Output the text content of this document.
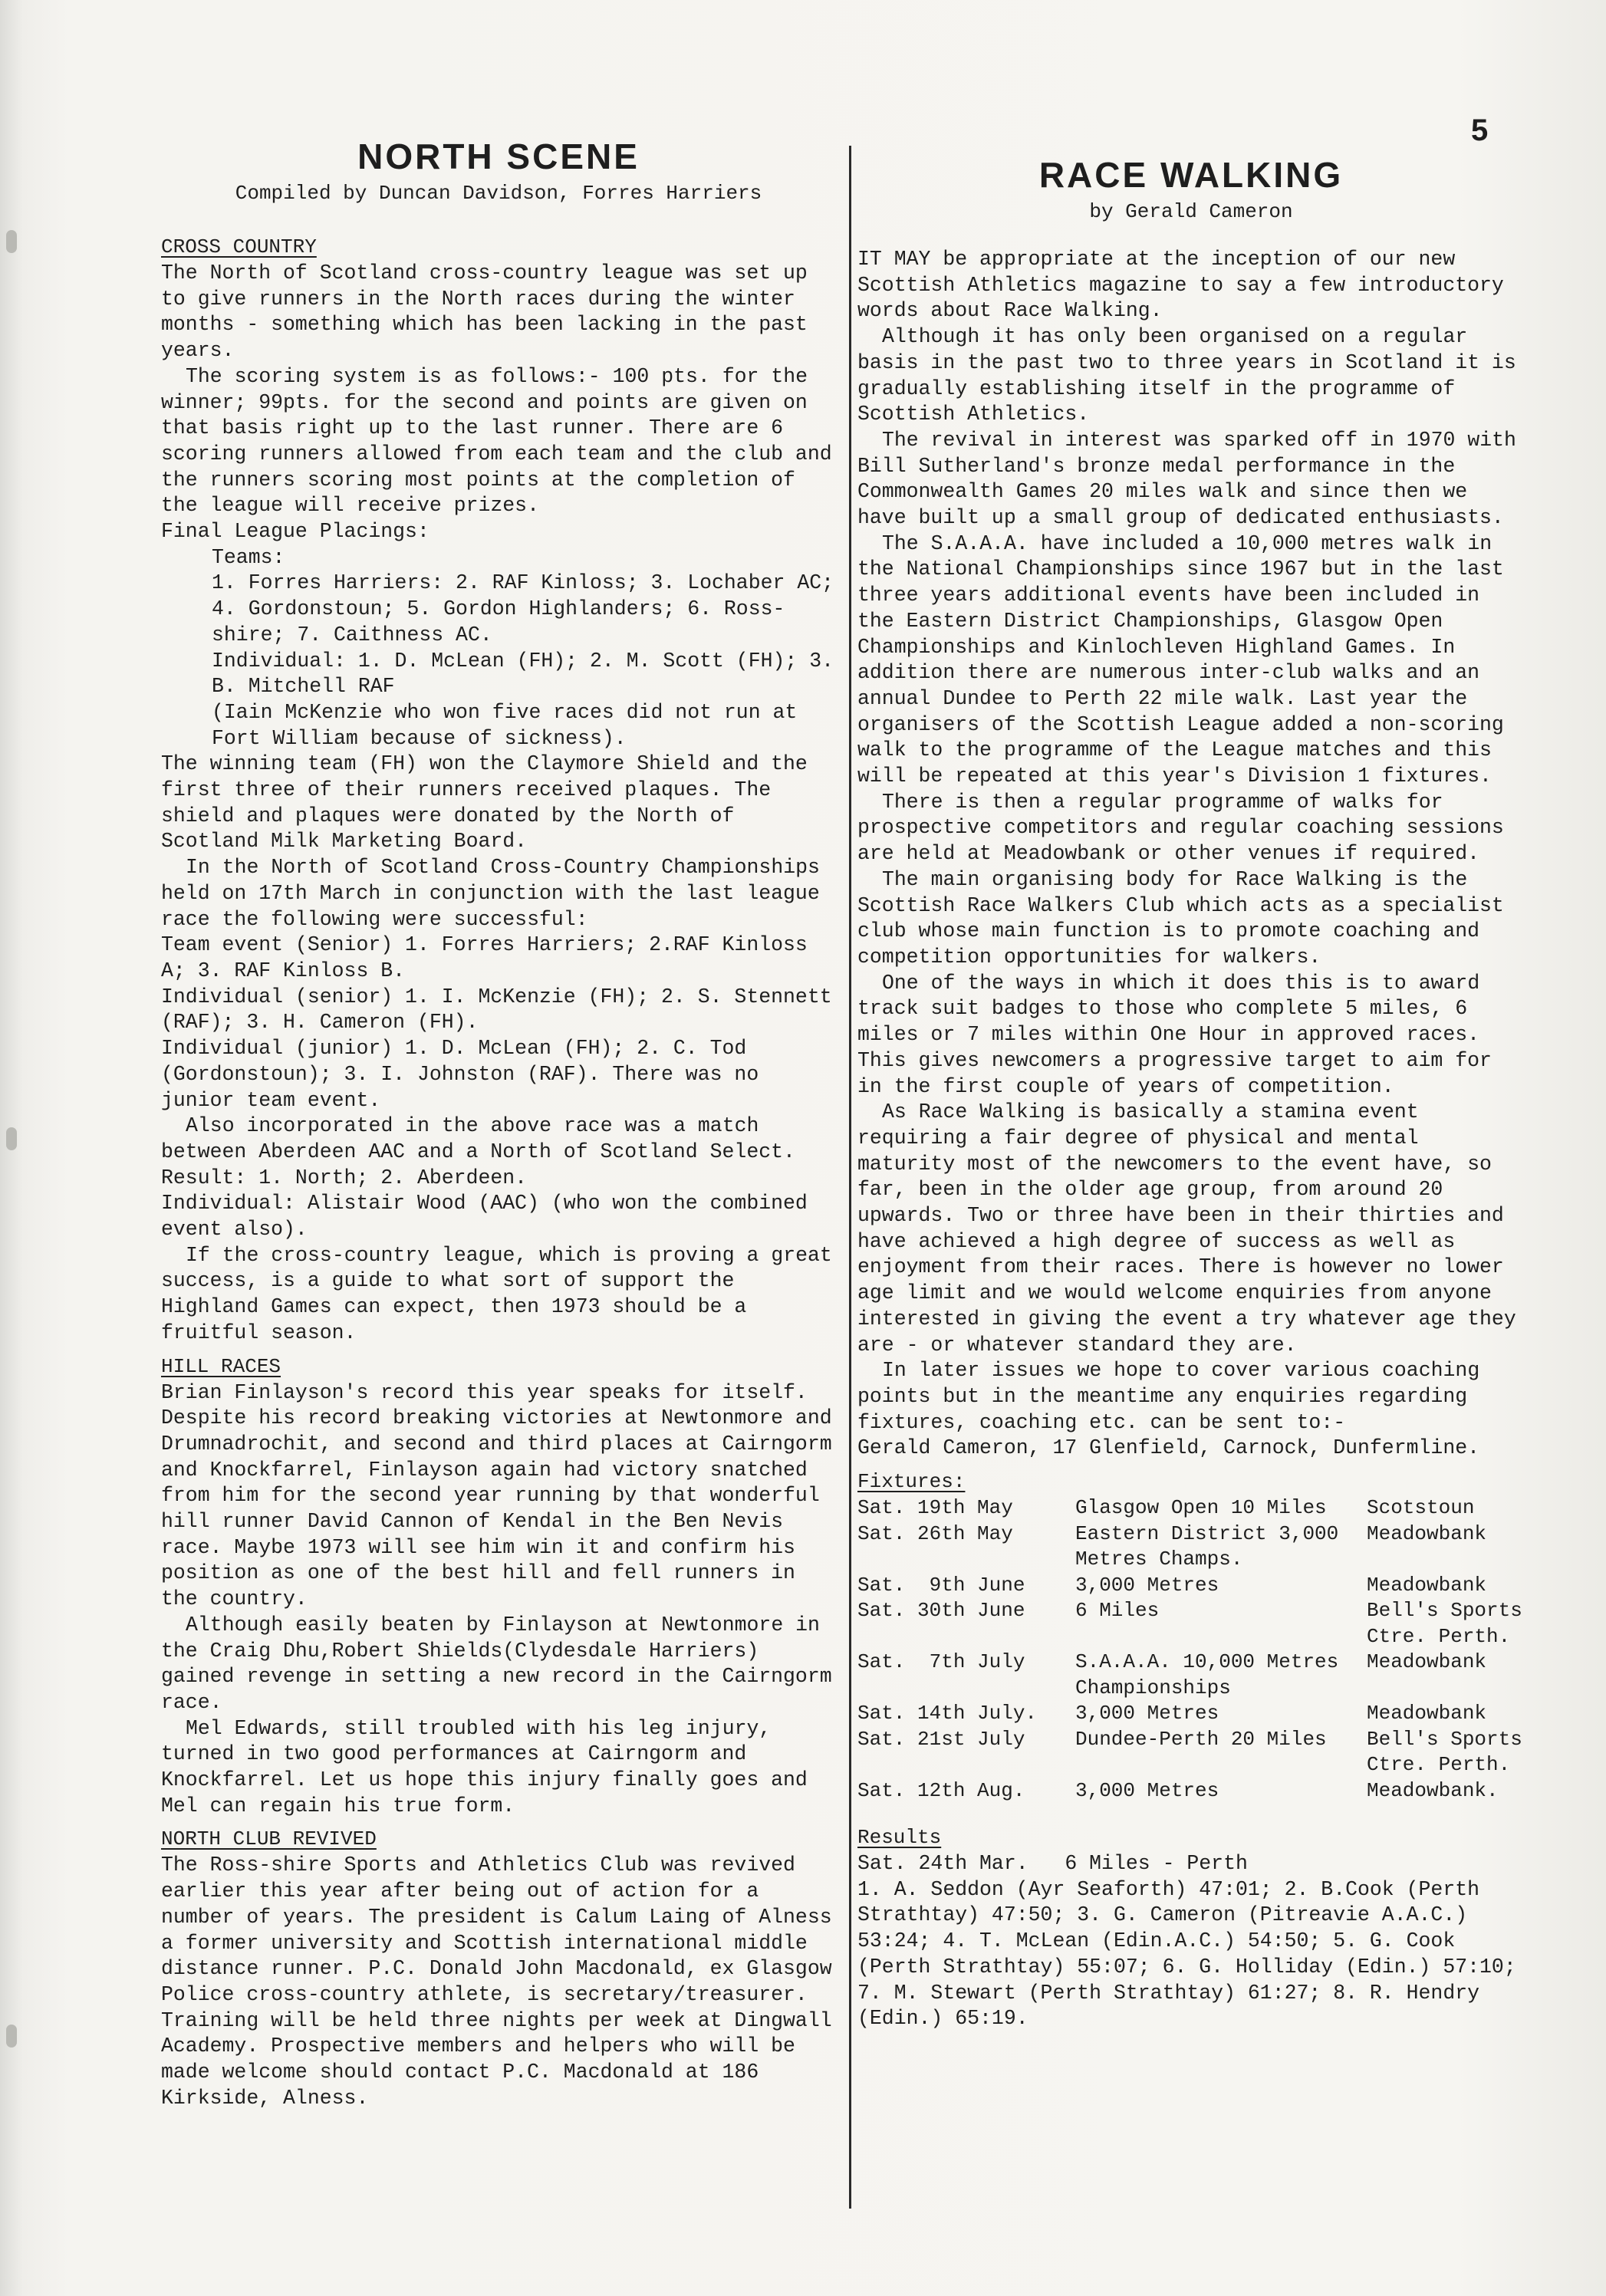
5
NORTH SCENE
Compiled by Duncan Davidson, Forres Harriers
CROSS COUNTRY

The North of Scotland cross-country league was set up to give runners in the North races during the winter months - something which has been lacking in the past years.

The scoring system is as follows:- 100 pts. for the winner; 99pts. for the second and points are given on that basis right up to the last runner. There are 6 scoring runners allowed from each team and the club and the runners scoring most points at the completion of the league will receive prizes.

Final League Placings:

Teams:

1. Forres Harriers: 2. RAF Kinloss; 3. Lochaber AC; 4. Gordonstoun; 5. Gordon Highlanders; 6. Ross-shire; 7. Caithness AC.

Individual: 1. D. McLean (FH); 2. M. Scott (FH); 3. B. Mitchell RAF

(Iain McKenzie who won five races did not run at Fort William because of sickness).

The winning team (FH) won the Claymore Shield and the first three of their runners received plaques. The shield and plaques were donated by the North of Scotland Milk Marketing Board.

In the North of Scotland Cross-Country Championships held on 17th March in conjunction with the last league race the following were successful:

Team event (Senior) 1. Forres Harriers; 2.RAF Kinloss A; 3. RAF Kinloss B.

Individual (senior) 1. I. McKenzie (FH); 2. S. Stennett (RAF); 3. H. Cameron (FH).

Individual (junior) 1. D. McLean (FH); 2. C. Tod (Gordonstoun); 3. I. Johnston (RAF). There was no junior team event.

Also incorporated in the above race was a match between Aberdeen AAC and a North of Scotland Select.

Result: 1. North; 2. Aberdeen.

Individual: Alistair Wood (AAC) (who won the combined event also).

If the cross-country league, which is proving a great success, is a guide to what sort of support the Highland Games can expect, then 1973 should be a fruitful season.

HILL RACES

Brian Finlayson's record this year speaks for itself. Despite his record breaking victories at Newtonmore and Drumnadrochit, and second and third places at Cairngorm and Knockfarrel, Finlayson again had victory snatched from him for the second year running by that wonderful hill runner David Cannon of Kendal in the Ben Nevis race. Maybe 1973 will see him win it and confirm his position as one of the best hill and fell runners in the country.

Although easily beaten by Finlayson at Newtonmore in the Craig Dhu,Robert Shields(Clydesdale Harriers) gained revenge in setting a new record in the Cairngorm race.

Mel Edwards, still troubled with his leg injury, turned in two good performances at Cairngorm and Knockfarrel. Let us hope this injury finally goes and Mel can regain his true form.

NORTH CLUB REVIVED

The Ross-shire Sports and Athletics Club was revived earlier this year after being out of action for a number of years. The president is Calum Laing of Alness a former university and Scottish international middle distance runner. P.C. Donald John Macdonald, ex Glasgow Police cross-country athlete, is secretary/treasurer. Training will be held three nights per week at Dingwall Academy. Prospective members and helpers who will be made welcome should contact P.C. Macdonald at 186 Kirkside, Alness.

RACE WALKING
by Gerald Cameron

IT MAY be appropriate at the inception of our new Scottish Athletics magazine to say a few introductory words about Race Walking.

Although it has only been organised on a regular basis in the past two to three years in Scotland it is gradually establishing itself in the programme of Scottish Athletics.

The revival in interest was sparked off in 1970 with Bill Sutherland's bronze medal performance in the Commonwealth Games 20 miles walk and since then we have built up a small group of dedicated enthusiasts.

The S.A.A.A. have included a 10,000 metres walk in the National Championships since 1967 but in the last three years additional events have been included in the Eastern District Championships, Glasgow Open Championships and Kinlochleven Highland Games. In addition there are numerous inter-club walks and an annual Dundee to Perth 22 mile walk. Last year the organisers of the Scottish League added a non-scoring walk to the programme of the League matches and this will be repeated at this year's Division 1 fixtures.

There is then a regular programme of walks for prospective competitors and regular coaching sessions are held at Meadowbank or other venues if required.

The main organising body for Race Walking is the Scottish Race Walkers Club which acts as a specialist club whose main function is to promote coaching and competition opportunities for walkers.

One of the ways in which it does this is to award track suit badges to those who complete 5 miles, 6 miles or 7 miles within One Hour in approved races. This gives newcomers a progressive target to aim for in the first couple of years of competition.

As Race Walking is basically a stamina event requiring a fair degree of physical and mental maturity most of the newcomers to the event have, so far, been in the older age group, from around 20 upwards. Two or three have been in their thirties and have achieved a high degree of success as well as enjoyment from their races. There is however no lower age limit and we would welcome enquiries from anyone interested in giving the event a try whatever age they are - or whatever standard they are.

In later issues we hope to cover various coaching points but in the meantime any enquiries regarding fixtures, coaching etc. can be sent to:-

Gerald Cameron, 17 Glenfield, Carnock, Dunfermline.

Fixtures:
Sat. 19th May	Glasgow Open 10 Miles	Scotstoun
Sat. 26th May	Eastern District 3,000 Metres Champs.	Meadowbank
Sat.  9th June	3,000 Metres	Meadowbank
Sat. 30th June	6 Miles	Bell's Sports Ctre. Perth.
Sat.  7th July	S.A.A.A. 10,000 Metres Championships	Meadowbank
Sat. 14th July.	3,000 Metres	Meadowbank
Sat. 21st July	Dundee-Perth 20 Miles	Bell's Sports Ctre. Perth.
Sat. 12th Aug.	3,000 Metres	Meadowbank.
Results

Sat. 24th Mar.   6 Miles - Perth

1. A. Seddon (Ayr Seaforth) 47:01; 2. B.Cook (Perth Strathtay) 47:50; 3. G. Cameron (Pitreavie A.A.C.) 53:24; 4. T. McLean (Edin.A.C.) 54:50; 5. G. Cook (Perth Strathtay) 55:07; 6. G. Holliday (Edin.) 57:10; 7. M. Stewart (Perth Strathtay) 61:27; 8. R. Hendry (Edin.) 65:19.
